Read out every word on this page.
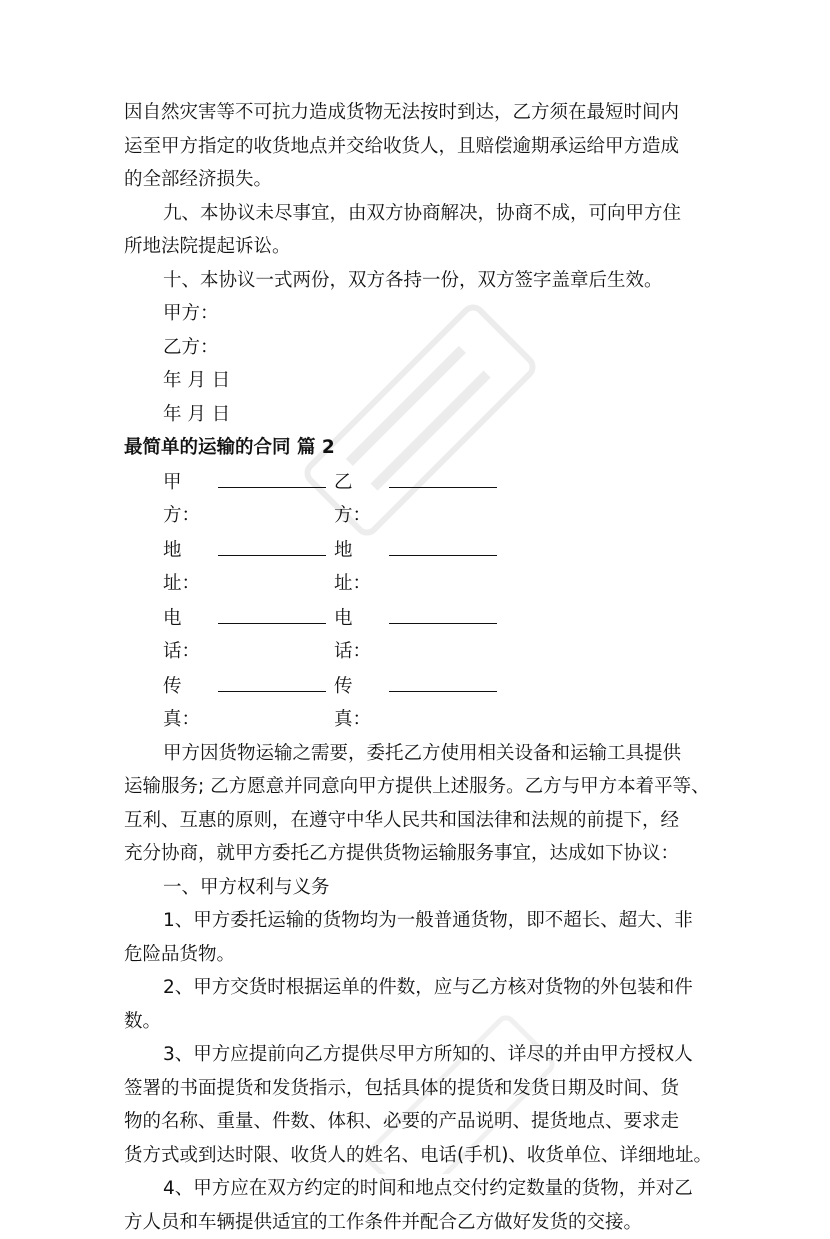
因自然灾害等不可抗力造成货物无法按时到达，乙方须在最短时间内

运至甲方指定的收货地点并交给收货人，且赔偿逾期承运给甲方造成

的全部经济损失。

九、本协议未尽事宜，由双方协商解决，协商不成，可向甲方住

所地法院提起诉讼。

十、本协议一式两份，双方各持一份，双方签字盖章后生效。

甲方：

乙方：

年 月 日

年 月 日

最简单的运输的合同 篇 2

甲方：
乙方：
地址：
地址：
电话：
电话：
传真：
传真：

甲方因货物运输之需要，委托乙方使用相关设备和运输工具提供

运输服务; 乙方愿意并同意向甲方提供上述服务。乙方与甲方本着平等、

互利、互惠的原则，在遵守中华人民共和国法律和法规的前提下，经

充分协商，就甲方委托乙方提供货物运输服务事宜，达成如下协议：

一、甲方权利与义务

1、甲方委托运输的货物均为一般普通货物，即不超长、超大、非

危险品货物。

2、甲方交货时根据运单的件数，应与乙方核对货物的外包装和件

数。

3、甲方应提前向乙方提供尽甲方所知的、详尽的并由甲方授权人

签署的书面提货和发货指示，包括具体的提货和发货日期及时间、货

物的名称、重量、件数、体积、必要的产品说明、提货地点、要求走

货方式或到达时限、收货人的姓名、电话(手机)、收货单位、详细地址。

4、甲方应在双方约定的时间和地点交付约定数量的货物，并对乙

方人员和车辆提供适宜的工作条件并配合乙方做好发货的交接。
